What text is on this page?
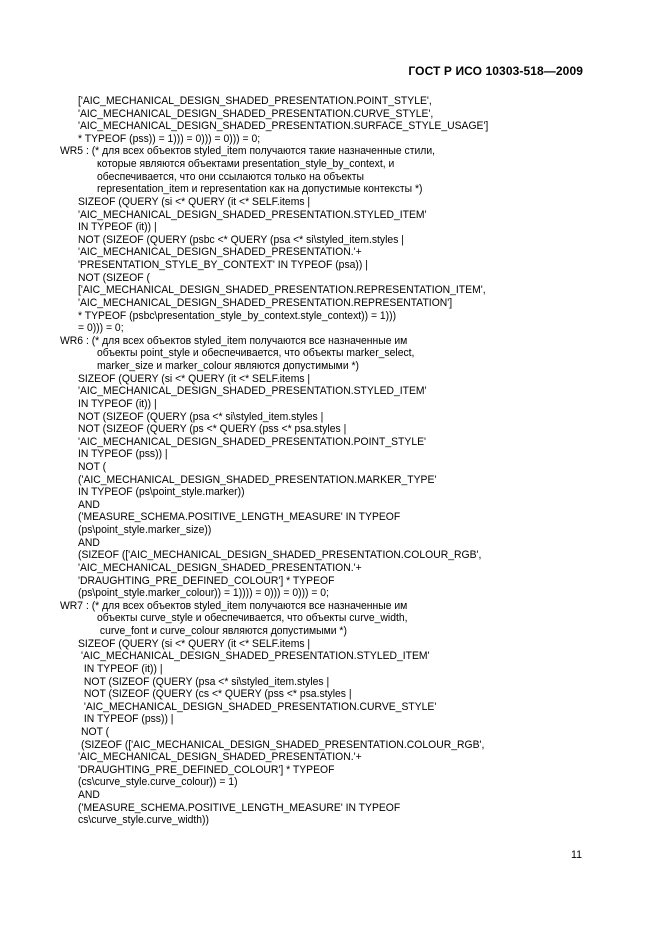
ГОСТ Р ИСО 10303-518—2009
['AIC_MECHANICAL_DESIGN_SHADED_PRESENTATION.POINT_STYLE',
'AIC_MECHANICAL_DESIGN_SHADED_PRESENTATION.CURVE_STYLE',
'AIC_MECHANICAL_DESIGN_SHADED_PRESENTATION.SURFACE_STYLE_USAGE']
* TYPEOF (pss)) = 1))) = 0))) = 0))) = 0;
WR5 : (* для всех объектов styled_item получаются такие назначенные стили,
которые являются объектами presentation_style_by_context, и
обеспечивается, что они ссылаются только на объекты
representation_item и representation как на допустимые контексты *)
SIZEOF (QUERY (si <* QUERY (it <* SELF.items |
'AIC_MECHANICAL_DESIGN_SHADED_PRESENTATION.STYLED_ITEM'
IN TYPEOF (it)) |
NOT (SIZEOF (QUERY (psbc <* QUERY (psa <* si\styled_item.styles |
'AIC_MECHANICAL_DESIGN_SHADED_PRESENTATION.'+
'PRESENTATION_STYLE_BY_CONTEXT' IN TYPEOF (psa)) |
NOT (SIZEOF (
['AIC_MECHANICAL_DESIGN_SHADED_PRESENTATION.REPRESENTATION_ITEM',
'AIC_MECHANICAL_DESIGN_SHADED_PRESENTATION.REPRESENTATION']
* TYPEOF (psbc\presentation_style_by_context.style_context)) = 1)))
= 0))) = 0;
WR6 : (* для всех объектов styled_item получаются все назначенные им
объекты point_style и обеспечивается, что объекты marker_select,
marker_size и marker_colour являются допустимыми *)
SIZEOF (QUERY (si <* QUERY (it <* SELF.items |
'AIC_MECHANICAL_DESIGN_SHADED_PRESENTATION.STYLED_ITEM'
IN TYPEOF (it)) |
NOT (SIZEOF (QUERY (psa <* si\styled_item.styles |
NOT (SIZEOF (QUERY (ps <* QUERY (pss <* psa.styles |
'AIC_MECHANICAL_DESIGN_SHADED_PRESENTATION.POINT_STYLE'
IN TYPEOF (pss)) |
NOT (
('AIC_MECHANICAL_DESIGN_SHADED_PRESENTATION.MARKER_TYPE'
IN TYPEOF (ps\point_style.marker))
AND
('MEASURE_SCHEMA.POSITIVE_LENGTH_MEASURE' IN TYPEOF
(ps\point_style.marker_size))
AND
(SIZEOF (['AIC_MECHANICAL_DESIGN_SHADED_PRESENTATION.COLOUR_RGB',
'AIC_MECHANICAL_DESIGN_SHADED_PRESENTATION.'+
'DRAUGHTING_PRE_DEFINED_COLOUR'] * TYPEOF
(ps\point_style.marker_colour)) = 1)))) = 0))) = 0))) = 0;
WR7 : (* для всех объектов styled_item получаются все назначенные им
объекты curve_style и обеспечивается, что объекты curve_width,
curve_font и curve_colour являются допустимыми *)
SIZEOF (QUERY (si <* QUERY (it <* SELF.items |
'AIC_MECHANICAL_DESIGN_SHADED_PRESENTATION.STYLED_ITEM'
IN TYPEOF (it)) |
NOT (SIZEOF (QUERY (psa <* si\styled_item.styles |
NOT (SIZEOF (QUERY (cs <* QUERY (pss <* psa.styles |
'AIC_MECHANICAL_DESIGN_SHADED_PRESENTATION.CURVE_STYLE'
IN TYPEOF (pss)) |
NOT (
(SIZEOF (['AIC_MECHANICAL_DESIGN_SHADED_PRESENTATION.COLOUR_RGB',
'AIC_MECHANICAL_DESIGN_SHADED_PRESENTATION.'+
'DRAUGHTING_PRE_DEFINED_COLOUR'] * TYPEOF
(cs\curve_style.curve_colour)) = 1)
AND
('MEASURE_SCHEMA.POSITIVE_LENGTH_MEASURE' IN TYPEOF
cs\curve_style.curve_width))
11
